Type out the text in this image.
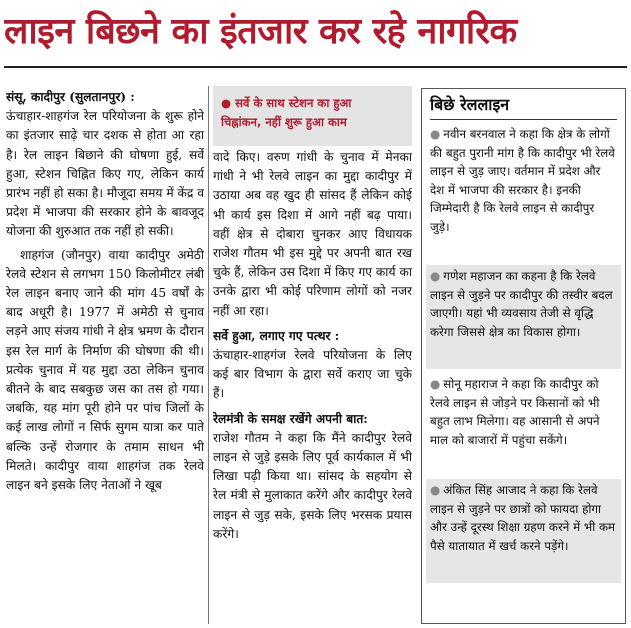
लाइन बिछने का इंतजार कर रहे नागरिक

संसू, कादीपुर (सुलतानपुर) :

ऊंचाहार-शाहगंज रेल परियोजना के शुरू होने का इंतजार साढ़े चार दशक से होता आ रहा है। रेल लाइन बिछाने की घोषणा हुई, सर्वे हुआ, स्टेशन चिह्नित किए गए, लेकिन कार्य प्रारंभ नहीं हो सका है। मौजूदा समय में केंद्र व प्रदेश में भाजपा की सरकार होने के बावजूद योजना की शुरुआत तक नहीं हो सकी।

शाहगंज (जौनपुर) वाया कादीपुर अमेठी रेलवे स्टेशन से लगभग 150 किलोमीटर लंबी रेल लाइन बनाए जाने की मांग 45 वर्षों के बाद अधूरी है। 1977 में अमेठी से चुनाव लड़ने आए संजय गांधी ने क्षेत्र भ्रमण के दौरान इस रेल मार्ग के निर्माण की घोषणा की थी। प्रत्येक चुनाव में यह मुद्दा उठा लेकिन चुनाव बीतने के बाद सबकुछ जस का तस हो गया। जबकि, यह मांग पूरी होने पर पांच जिलों के कई लाख लोगों न सिर्फ सुगम यात्रा कर पाते बल्कि उन्हें रोजगार के तमाम साधन भी मिलते। कादीपुर वाया शाहगंज तक रेलवे लाइन बने इसके लिए नेताओं ने खूब

● सर्वे के साथ स्टेशन का हुआ
चिह्नांकन, नहीं शुरू हुआ काम

वादे किए। वरुण गांधी के चुनाव में मेनका गांधी ने भी रेलवे लाइन का मुद्दा कादीपुर में उठाया अब वह खुद ही सांसद हैं लेकिन कोई भी कार्य इस दिशा में आगे नहीं बढ़ पाया। वहीं क्षेत्र से दोबारा चुनकर आए विधायक राजेश गौतम भी इस मुद्दे पर अपनी बात रख चुके हैं, लेकिन उस दिशा में किए गए कार्य का उनके द्वारा भी कोई परिणाम लोगों को नजर नहीं आ रहा।

सर्वे हुआ, लगाए गए पत्थर :

ऊंचाहार-शाहगंज रेलवे परियोजना के लिए कई बार विभाग के द्वारा सर्वे कराए जा चुके हैं।

रेलमंत्री के समक्ष रखेंगे अपनी बात:

राजेश गौतम ने कहा कि मैंने कादीपुर रेलवे लाइन से जुड़े इसके लिए पूर्व कार्यकाल में भी लिखा पढ़ी किया था। सांसद के सहयोग से रेल मंत्री से मुलाकात करेंगे और कादीपुर रेलवे लाइन से जुड़ सके, इसके लिए भरसक प्रयास करेंगे।

बिछे रेललाइन
● नवीन बरनवाल ने कहा कि क्षेत्र के लोगों की बहुत पुरानी मांग है कि कादीपुर भी रेलवे लाइन से जुड़ जाए। वर्तमान में प्रदेश और देश में भाजपा की सरकार है। इनकी जिम्मेदारी है कि रेलवे लाइन से कादीपुर जुड़े।
● गणेश महाजन का कहना है कि रेलवे लाइन से जुड़ने पर कादीपुर की तस्वीर बदल जाएगी। यहां भी व्यवसाय तेजी से वृद्धि करेगा जिससे क्षेत्र का विकास होगा।
● सोनू महाराज ने कहा कि कादीपुर को रेलवे लाइन से जोड़ने पर किसानों को भी बहुत लाभ मिलेगा। वह आसानी से अपने माल को बाजारों में पहुंचा सकेंगे।
● अंकित सिंह आजाद ने कहा कि रेलवे लाइन से जुड़ने पर छात्रों को फायदा होगा और उन्हें दूरस्थ शिक्षा ग्रहण करने में भी कम पैसे यातायात में खर्च करने पड़ेंगे।
